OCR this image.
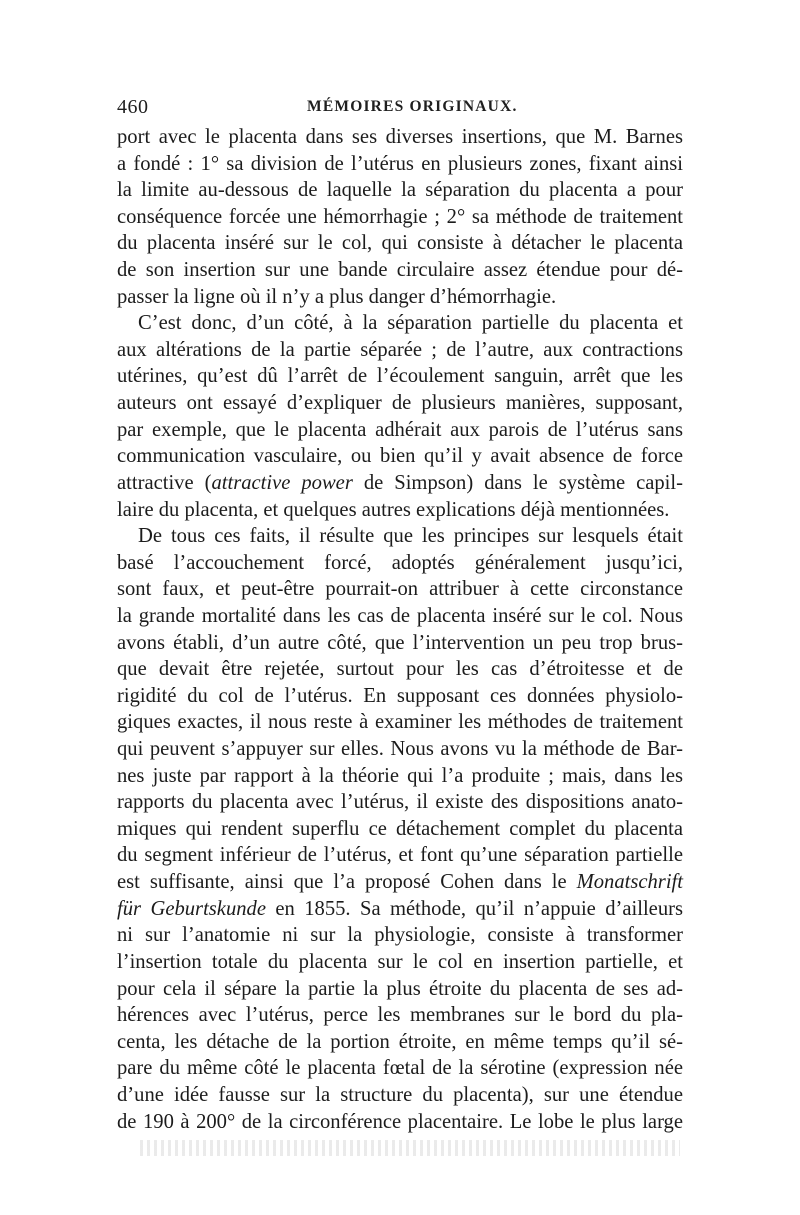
460	MÉMOIRES ORIGINAUX.
port avec le placenta dans ses diverses insertions, que M. Barnes
a fondé : 1° sa division de l’utérus en plusieurs zones, fixant ainsi
la limite au-dessous de laquelle la séparation du placenta a pour
conséquence forcée une hémorrhagie ; 2° sa méthode de traitement
du placenta inséré sur le col, qui consiste à détacher le placenta
de son insertion sur une bande circulaire assez étendue pour dé-
passer la ligne où il n’y a plus danger d’hémorrhagie.
C’est donc, d’un côté, à la séparation partielle du placenta et
aux altérations de la partie séparée ; de l’autre, aux contractions
utérines, qu’est dû l’arrêt de l’écoulement sanguin, arrêt que les
auteurs ont essayé d’expliquer de plusieurs manières, supposant,
par exemple, que le placenta adhérait aux parois de l’utérus sans
communication vasculaire, ou bien qu’il y avait absence de force
attractive (attractive power de Simpson) dans le système capil-
laire du placenta, et quelques autres explications déjà mentionnées.
De tous ces faits, il résulte que les principes sur lesquels était
basé l’accouchement forcé, adoptés généralement jusqu’ici,
sont faux, et peut-être pourrait-on attribuer à cette circonstance
la grande mortalité dans les cas de placenta inséré sur le col. Nous
avons établi, d’un autre côté, que l’intervention un peu trop brus-
que devait être rejetée, surtout pour les cas d’étroitesse et de
rigidité du col de l’utérus. En supposant ces données physiolo-
giques exactes, il nous reste à examiner les méthodes de traitement
qui peuvent s’appuyer sur elles. Nous avons vu la méthode de Bar-
nes juste par rapport à la théorie qui l’a produite ; mais, dans les
rapports du placenta avec l’utérus, il existe des dispositions anato-
miques qui rendent superflu ce détachement complet du placenta
du segment inférieur de l’utérus, et font qu’une séparation partielle
est suffisante, ainsi que l’a proposé Cohen dans le Monatschrift
für Geburtskunde en 1855. Sa méthode, qu’il n’appuie d’ailleurs
ni sur l’anatomie ni sur la physiologie, consiste à transformer
l’insertion totale du placenta sur le col en insertion partielle, et
pour cela il sépare la partie la plus étroite du placenta de ses ad-
hérences avec l’utérus, perce les membranes sur le bord du pla-
centa, les détache de la portion étroite, en même temps qu’il sé-
pare du même côté le placenta fœtal de la sérotine (expression née
d’une idée fausse sur la structure du placenta), sur une étendue
de 190 à 200° de la circonférence placentaire. Le lobe le plus large
